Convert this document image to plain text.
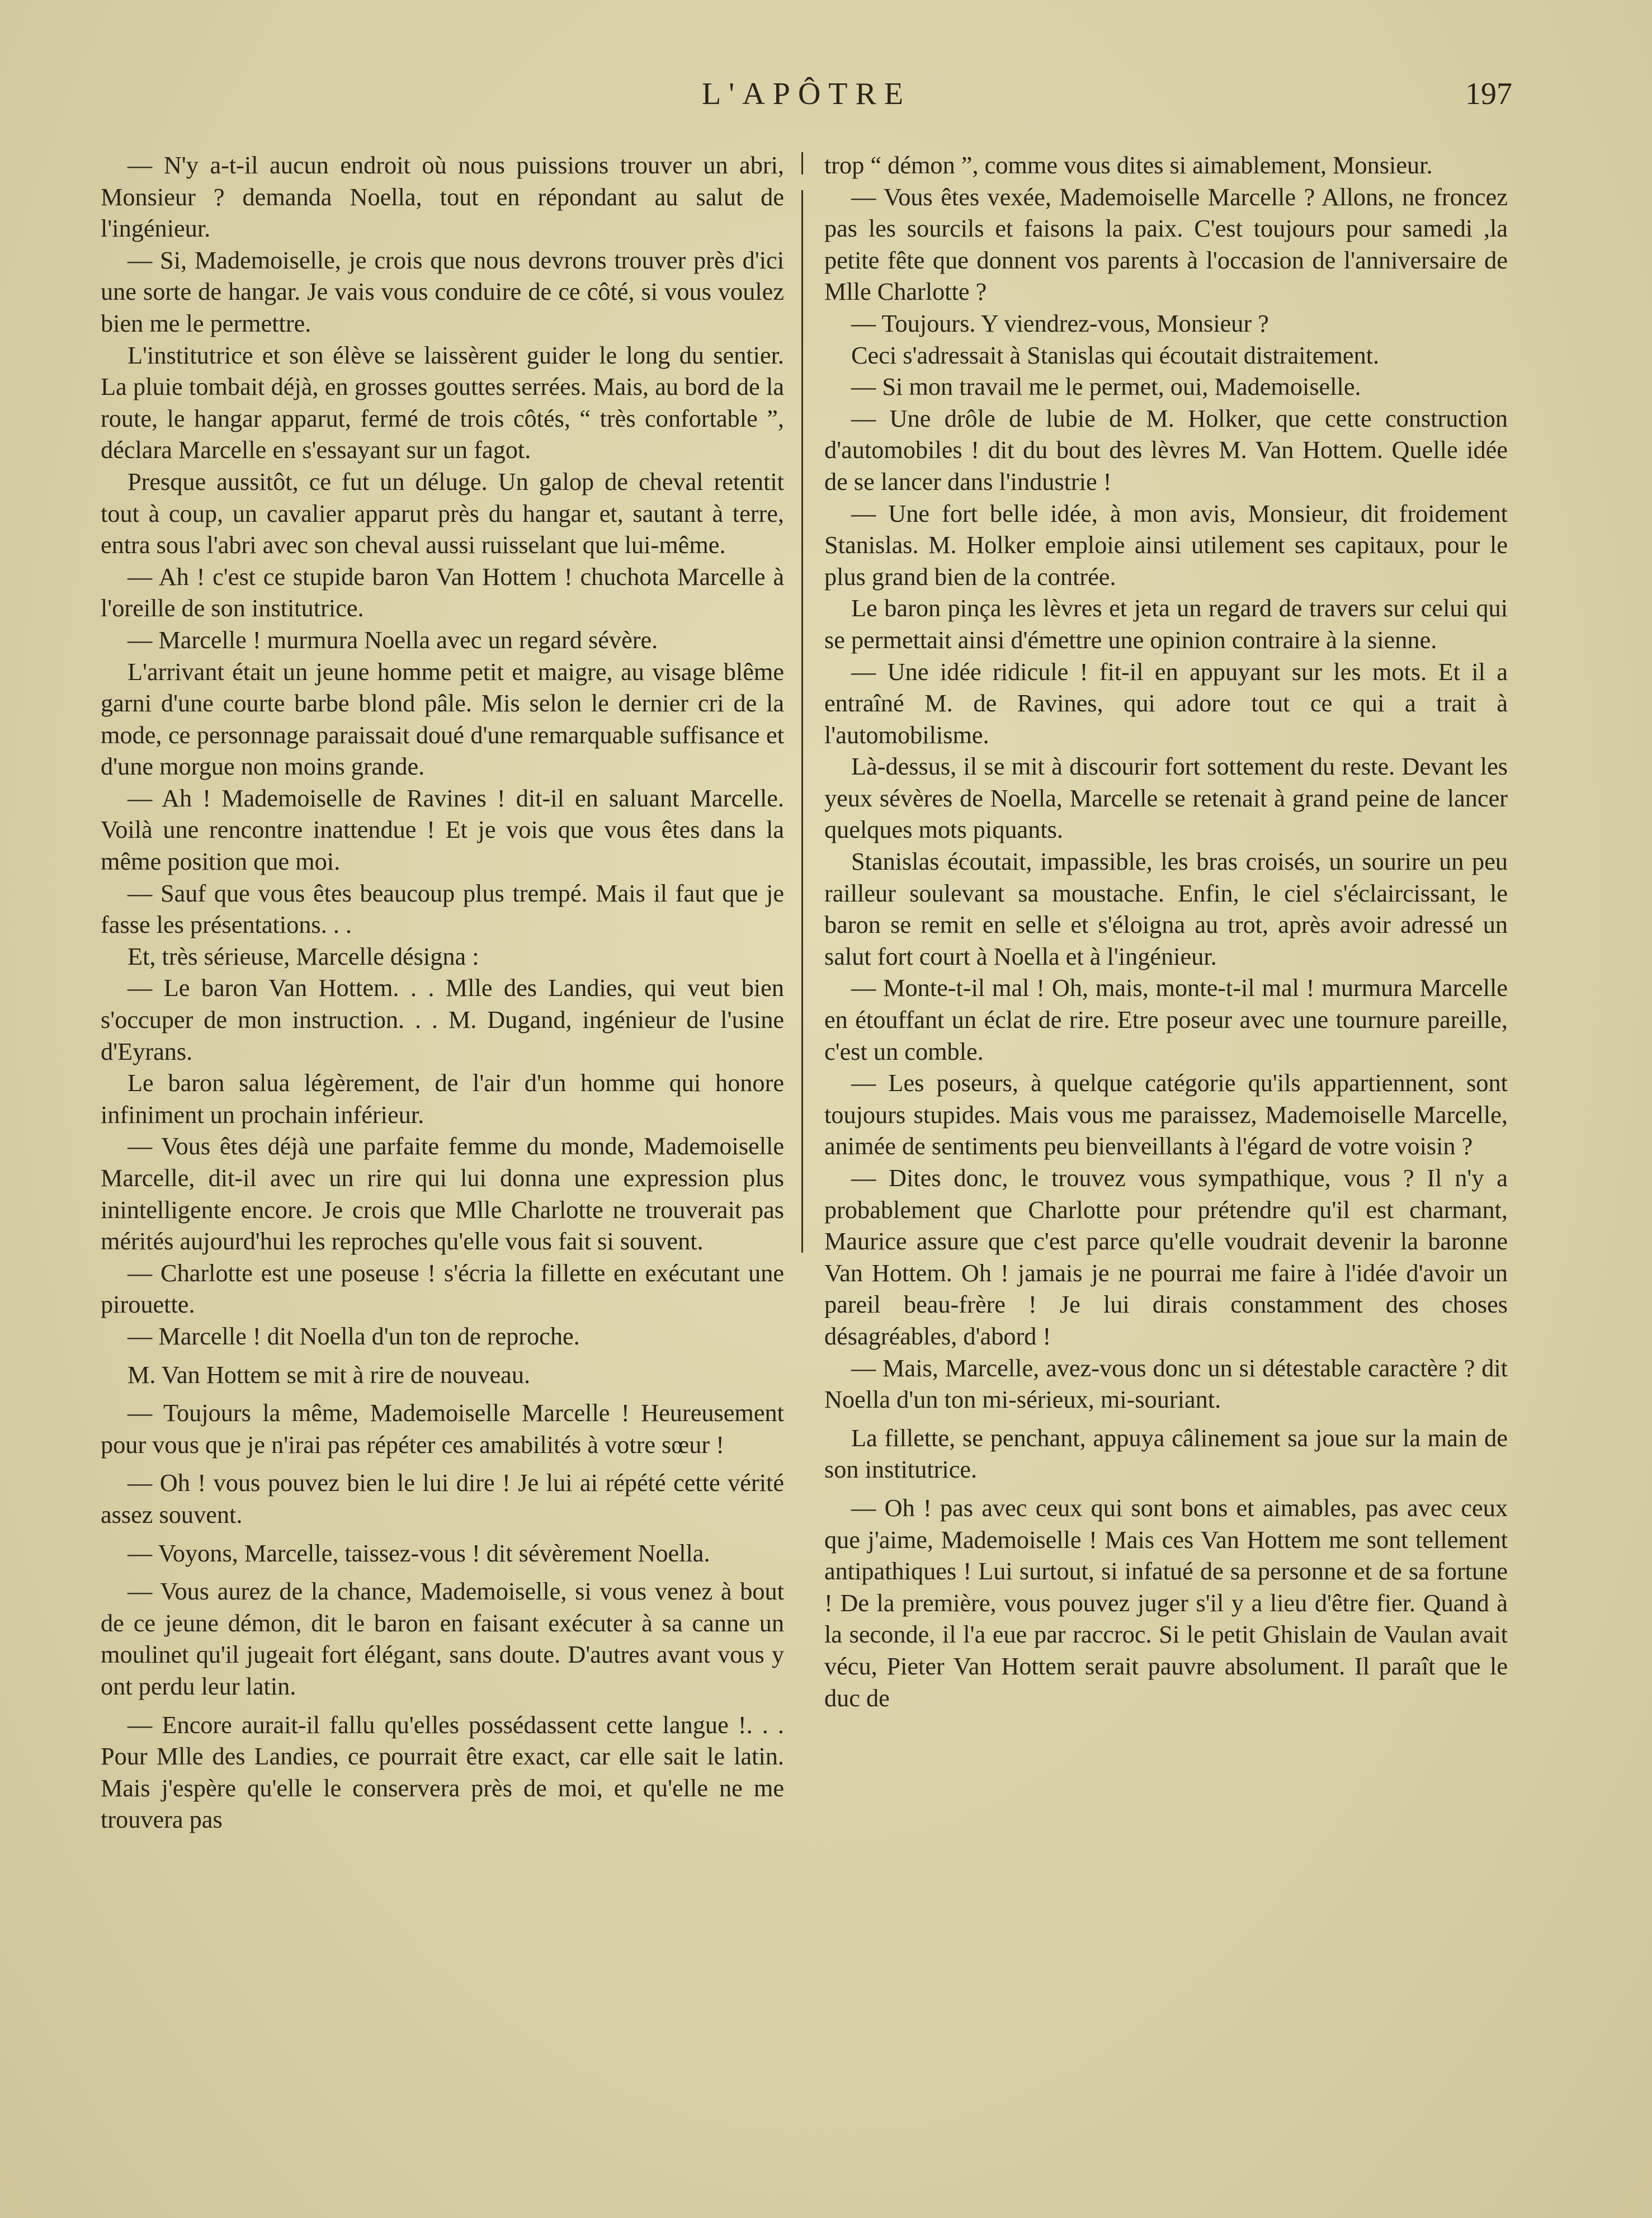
L'APÔTRE	197

— N'y a-t-il aucun endroit où nous puissions trouver un abri, Monsieur ? demanda Noella, tout en répondant au salut de l'ingénieur.

— Si, Mademoiselle, je crois que nous devrons trouver près d'ici une sorte de hangar. Je vais vous conduire de ce côté, si vous voulez bien me le permettre.

L'institutrice et son élève se laissèrent guider le long du sentier. La pluie tombait déjà, en grosses gouttes serrées. Mais, au bord de la route, le hangar apparut, fermé de trois côtés, “ très confortable ”, déclara Marcelle en s'essayant sur un fagot.

Presque aussitôt, ce fut un déluge. Un galop de cheval retentit tout à coup, un cavalier apparut près du hangar et, sautant à terre, entra sous l'abri avec son cheval aussi ruisselant que lui-même.

— Ah ! c'est ce stupide baron Van Hottem ! chuchota Marcelle à l'oreille de son institutrice.

— Marcelle ! murmura Noella avec un regard sévère.

L'arrivant était un jeune homme petit et maigre, au visage blême garni d'une courte barbe blond pâle. Mis selon le dernier cri de la mode, ce personnage paraissait doué d'une remarquable suffisance et d'une morgue non moins grande.

— Ah ! Mademoiselle de Ravines ! dit-il en saluant Marcelle. Voilà une rencontre inattendue ! Et je vois que vous êtes dans la même position que moi.

— Sauf que vous êtes beaucoup plus trempé. Mais il faut que je fasse les présentations. . .

Et, très sérieuse, Marcelle désigna :

— Le baron Van Hottem. . . Mlle des Landies, qui veut bien s'occuper de mon instruction. . . M. Dugand, ingénieur de l'usine d'Eyrans.

Le baron salua légèrement, de l'air d'un homme qui honore infiniment un prochain inférieur.

— Vous êtes déjà une parfaite femme du monde, Mademoiselle Marcelle, dit-il avec un rire qui lui donna une expression plus inintelligente encore. Je crois que Mlle Charlotte ne trouverait pas mérités aujourd'hui les reproches qu'elle vous fait si souvent.

— Charlotte est une poseuse ! s'écria la fillette en exécutant une pirouette.

— Marcelle ! dit Noella d'un ton de reproche.

M. Van Hottem se mit à rire de nouveau.

— Toujours la même, Mademoiselle Marcelle ! Heureusement pour vous que je n'irai pas répéter ces amabilités à votre sœur !

— Oh ! vous pouvez bien le lui dire ! Je lui ai répété cette vérité assez souvent.

— Voyons, Marcelle, taissez-vous ! dit sévèrement Noella.

— Vous aurez de la chance, Mademoiselle, si vous venez à bout de ce jeune démon, dit le baron en faisant exécuter à sa canne un moulinet qu'il jugeait fort élégant, sans doute. D'autres avant vous y ont perdu leur latin.

— Encore aurait-il fallu qu'elles possédassent cette langue !. . . Pour Mlle des Landies, ce pourrait être exact, car elle sait le latin. Mais j'espère qu'elle le conservera près de moi, et qu'elle ne me trouvera pas

trop “ démon ”, comme vous dites si aimablement, Monsieur.

— Vous êtes vexée, Mademoiselle Marcelle ? Allons, ne froncez pas les sourcils et faisons la paix. C'est toujours pour samedi ,la petite fête que donnent vos parents à l'occasion de l'anniversaire de Mlle Charlotte ?

— Toujours. Y viendrez-vous, Monsieur ?

Ceci s'adressait à Stanislas qui écoutait distraitement.

— Si mon travail me le permet, oui, Mademoiselle.

— Une drôle de lubie de M. Holker, que cette construction d'automobiles ! dit du bout des lèvres M. Van Hottem. Quelle idée de se lancer dans l'industrie !

— Une fort belle idée, à mon avis, Monsieur, dit froidement Stanislas. M. Holker emploie ainsi utilement ses capitaux, pour le plus grand bien de la contrée.

Le baron pinça les lèvres et jeta un regard de travers sur celui qui se permettait ainsi d'émettre une opinion contraire à la sienne.

— Une idée ridicule ! fit-il en appuyant sur les mots. Et il a entraîné M. de Ravines, qui adore tout ce qui a trait à l'automobilisme.

Là-dessus, il se mit à discourir fort sottement du reste. Devant les yeux sévères de Noella, Marcelle se retenait à grand peine de lancer quelques mots piquants.

Stanislas écoutait, impassible, les bras croisés, un sourire un peu railleur soulevant sa moustache. Enfin, le ciel s'éclaircissant, le baron se remit en selle et s'éloigna au trot, après avoir adressé un salut fort court à Noella et à l'ingénieur.

— Monte-t-il mal ! Oh, mais, monte-t-il mal ! murmura Marcelle en étouffant un éclat de rire. Etre poseur avec une tournure pareille, c'est un comble.

— Les poseurs, à quelque catégorie qu'ils appartiennent, sont toujours stupides. Mais vous me paraissez, Mademoiselle Marcelle, animée de sentiments peu bienveillants à l'égard de votre voisin ?

— Dites donc, le trouvez vous sympathique, vous ? Il n'y a probablement que Charlotte pour prétendre qu'il est charmant, Maurice assure que c'est parce qu'elle voudrait devenir la baronne Van Hottem. Oh ! jamais je ne pourrai me faire à l'idée d'avoir un pareil beau-frère ! Je lui dirais constamment des choses désagréables, d'abord !

— Mais, Marcelle, avez-vous donc un si détestable caractère ? dit Noella d'un ton mi-sérieux, mi-souriant.

La fillette, se penchant, appuya câlinement sa joue sur la main de son institutrice.

— Oh ! pas avec ceux qui sont bons et aimables, pas avec ceux que j'aime, Mademoiselle ! Mais ces Van Hottem me sont tellement antipathiques ! Lui surtout, si infatué de sa personne et de sa fortune ! De la première, vous pouvez juger s'il y a lieu d'être fier. Quand à la seconde, il l'a eue par raccroc. Si le petit Ghislain de Vaulan avait vécu, Pieter Van Hottem serait pauvre absolument. Il paraît que le duc de
